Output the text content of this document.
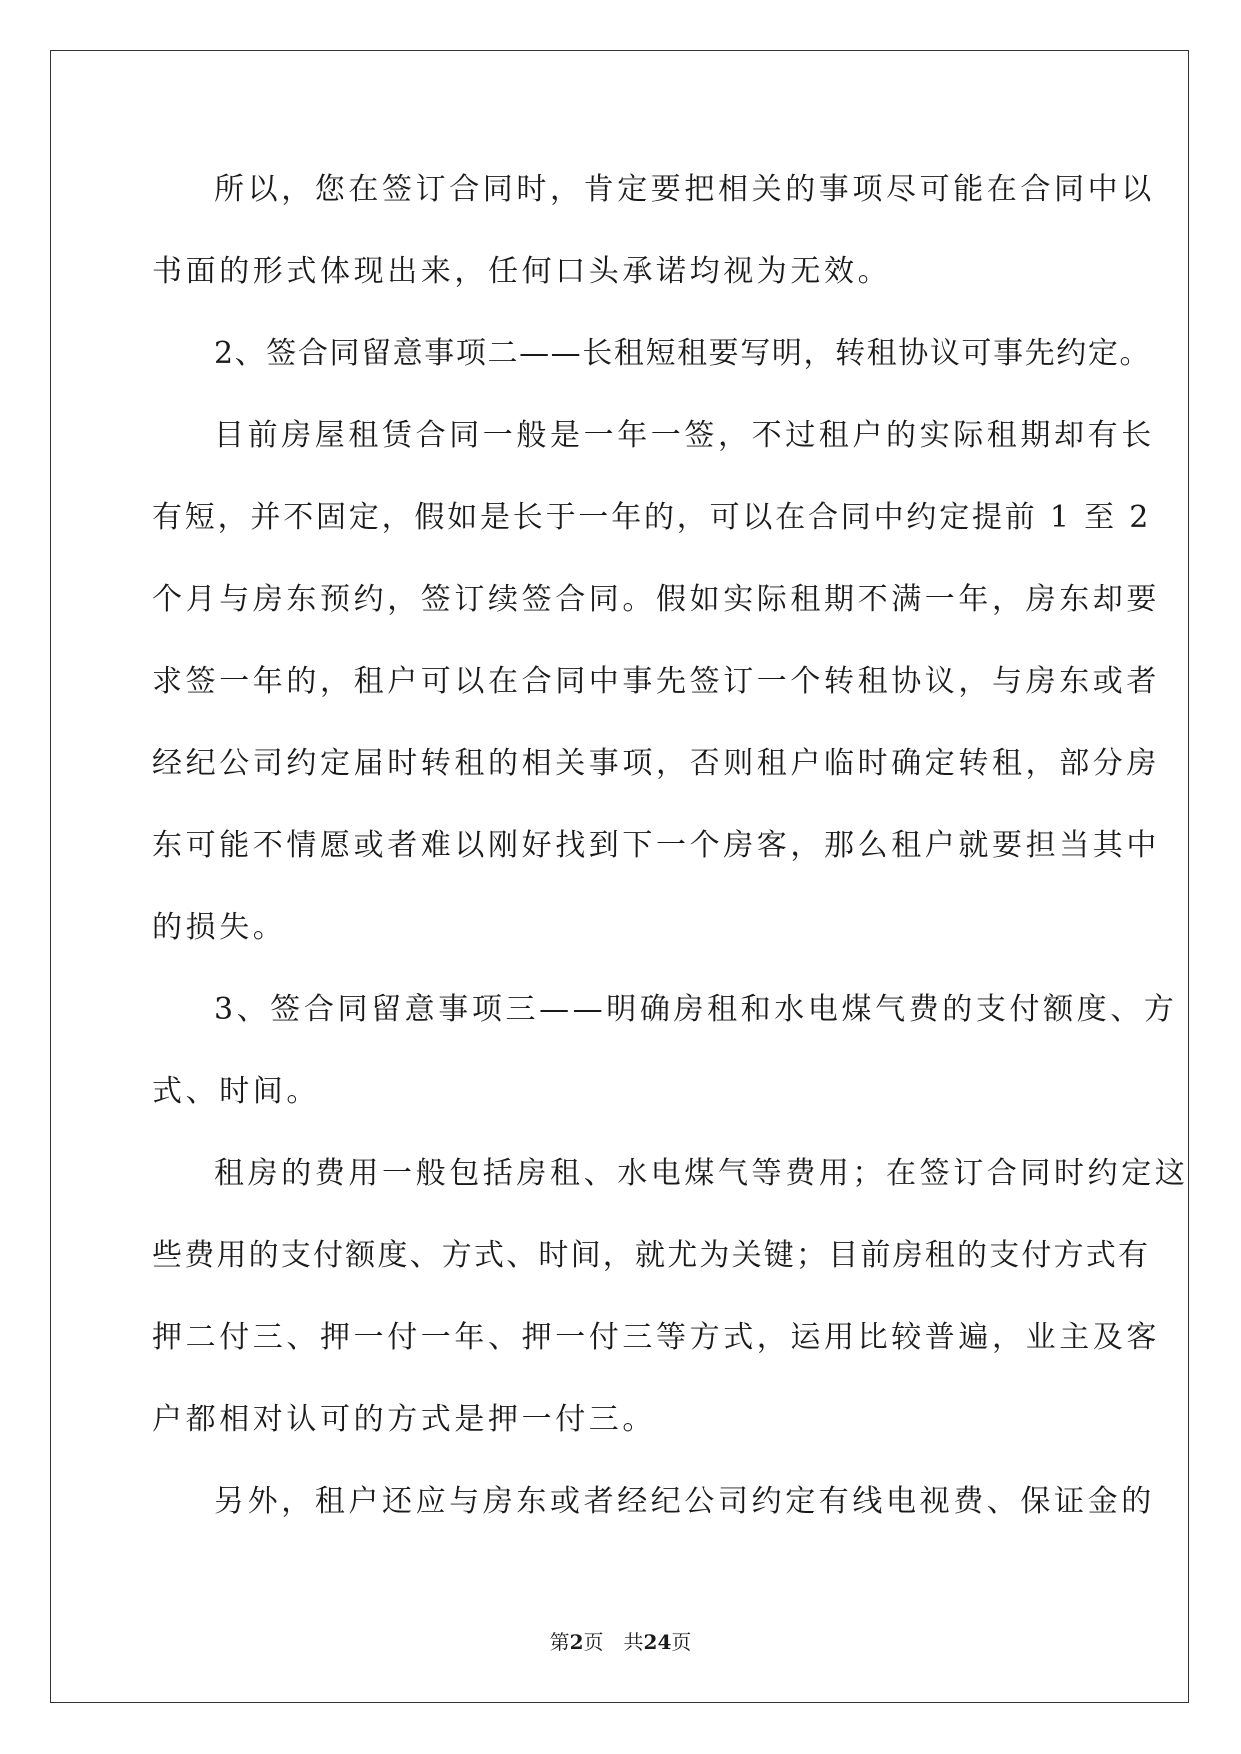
所以，您在签订合同时，肯定要把相关的事项尽可能在合同中以
书面的形式体现出来，任何口头承诺均视为无效。
2、签合同留意事项二——长租短租要写明，转租协议可事先约定。
目前房屋租赁合同一般是一年一签，不过租户的实际租期却有长
有短，并不固定，假如是长于一年的，可以在合同中约定提前 1 至 2
个月与房东预约，签订续签合同。假如实际租期不满一年，房东却要
求签一年的，租户可以在合同中事先签订一个转租协议，与房东或者
经纪公司约定届时转租的相关事项，否则租户临时确定转租，部分房
东可能不情愿或者难以刚好找到下一个房客，那么租户就要担当其中
的损失。
3、签合同留意事项三——明确房租和水电煤气费的支付额度、方
式、时间。
租房的费用一般包括房租、水电煤气等费用；在签订合同时约定这
些费用的支付额度、方式、时间，就尤为关键；目前房租的支付方式有
押二付三、押一付一年、押一付三等方式，运用比较普遍，业主及客
户都相对认可的方式是押一付三。
另外，租户还应与房东或者经纪公司约定有线电视费、保证金的
第2页 共24页
